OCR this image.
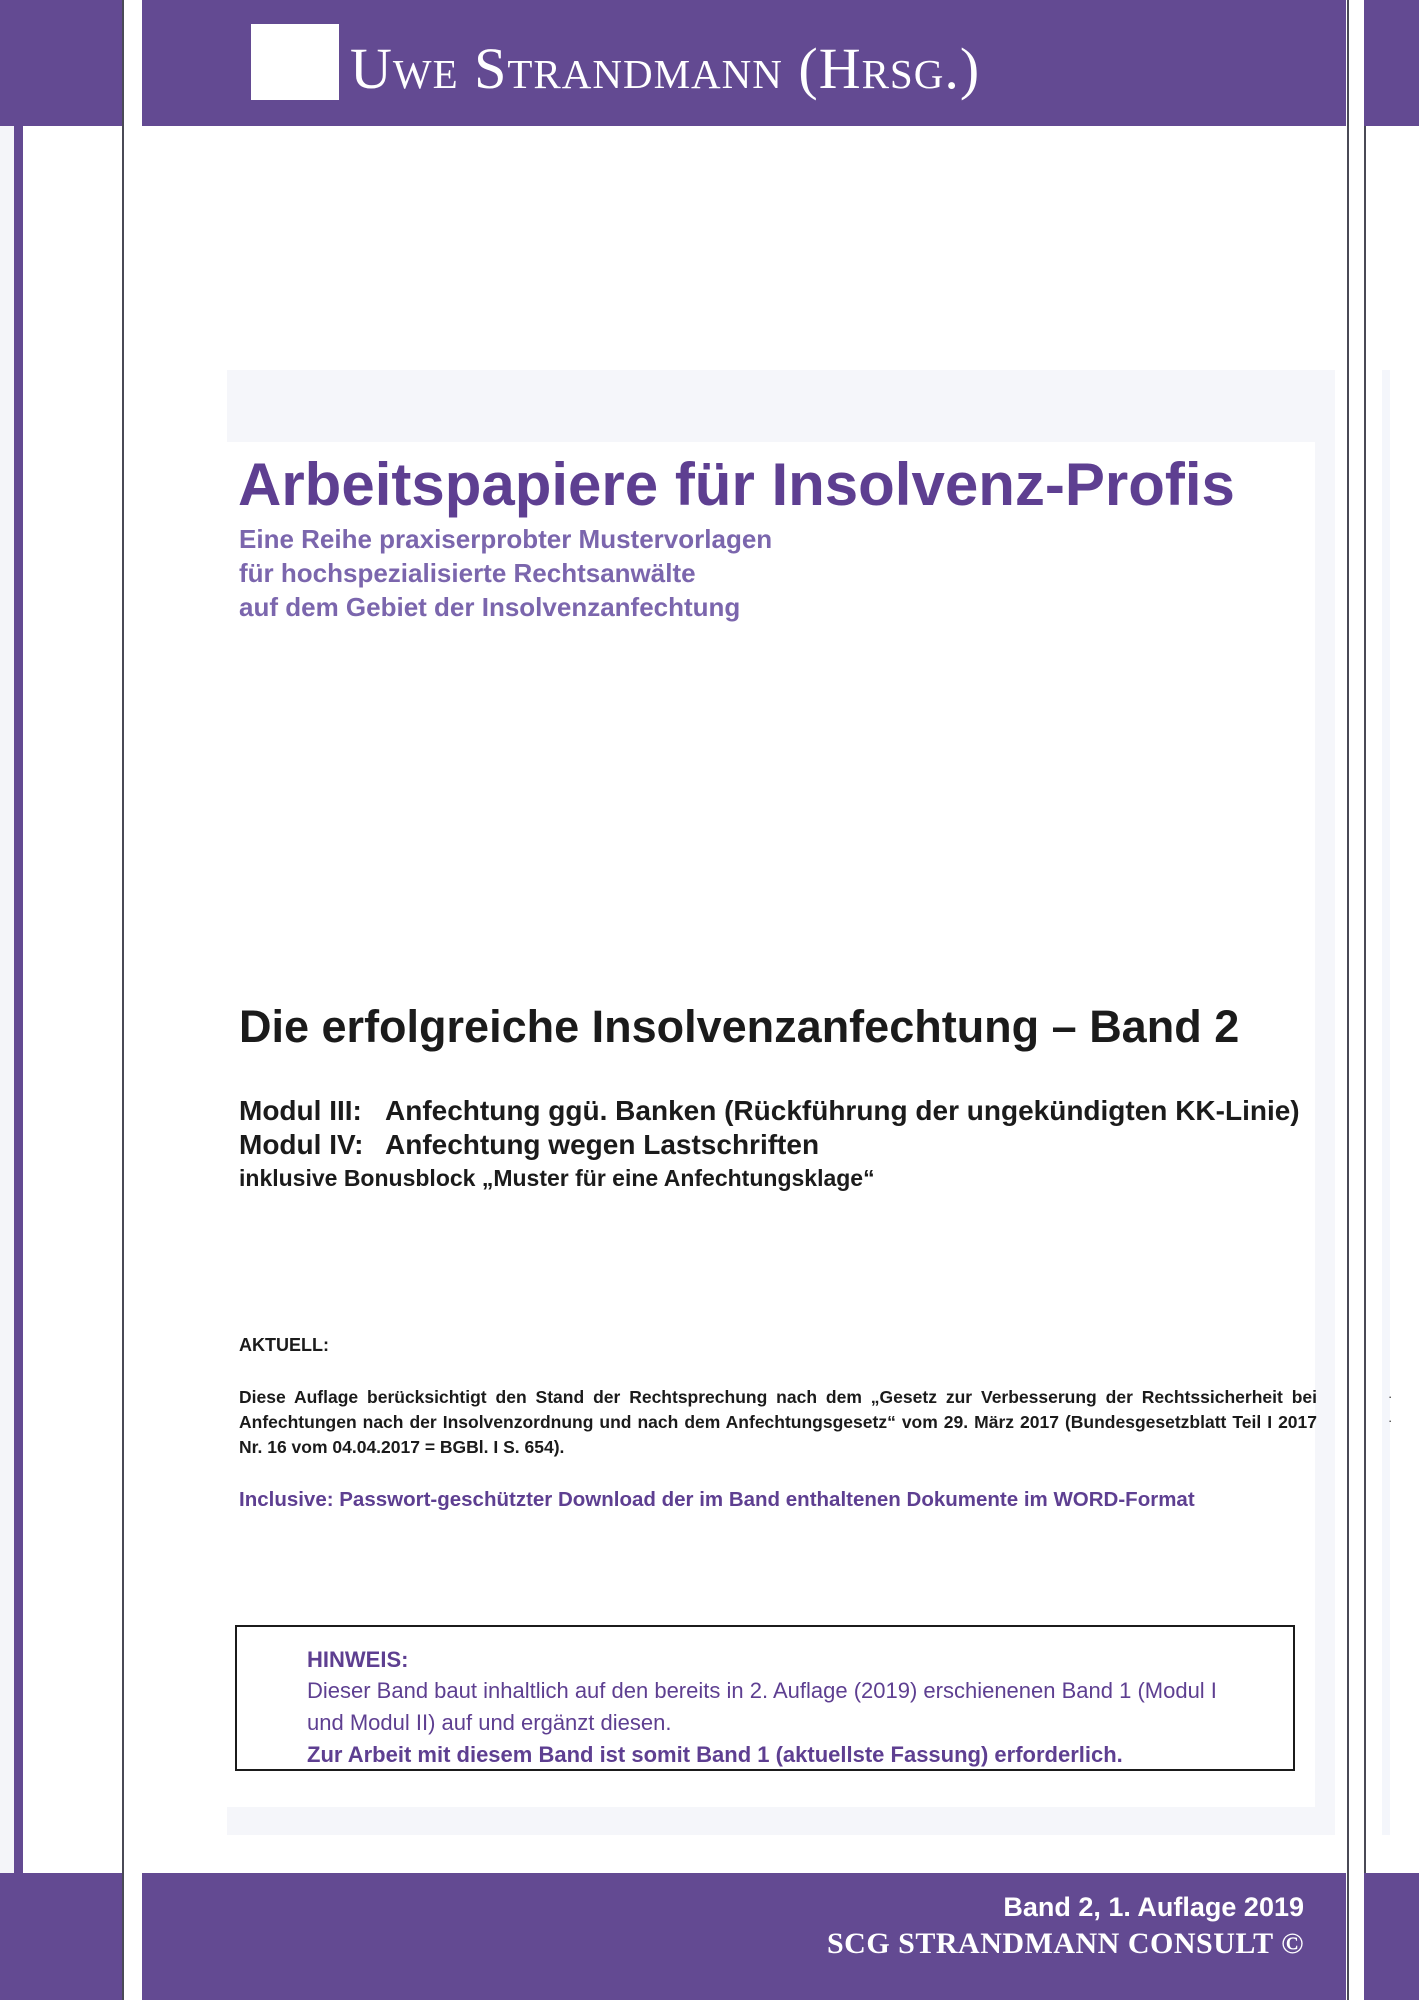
·
·
Uwe Strandmann (Hrsg.)
Arbeitspapiere für Insolvenz-Profis
Eine Reihe praxiserprobter Mustervorlagen
für hochspezialisierte Rechtsanwälte
auf dem Gebiet der Insolvenzanfechtung
Die erfolgreiche Insolvenzanfechtung – Band 2
Modul III: Anfechtung ggü. Banken (Rückführung der ungekündigten KK-Linie)
Modul IV: Anfechtung wegen Lastschriften
inklusive Bonusblock „Muster für eine Anfechtungsklage“
AKTUELL:
Diese Auflage berücksichtigt den Stand der Rechtsprechung nach dem „Gesetz zur Verbesserung der Rechtssicherheit bei Anfechtungen nach der Insolvenzordnung und nach dem Anfechtungsgesetz“ vom 29. März 2017 (Bundesgesetzblatt Teil I 2017 Nr. 16 vom 04.04.2017 = BGBl. I S. 654).
Inclusive: Passwort-geschützter Download der im Band enthaltenen Dokumente im WORD-Format
HINWEIS:
Dieser Band baut inhaltlich auf den bereits in 2. Auflage (2019) erschienenen Band 1 (Modul I und Modul II) auf und ergänzt diesen.
Zur Arbeit mit diesem Band ist somit Band 1 (aktuellste Fassung) erforderlich.
Band 2, 1. Auflage 2019
SCG STRANDMANN CONSULT ©
